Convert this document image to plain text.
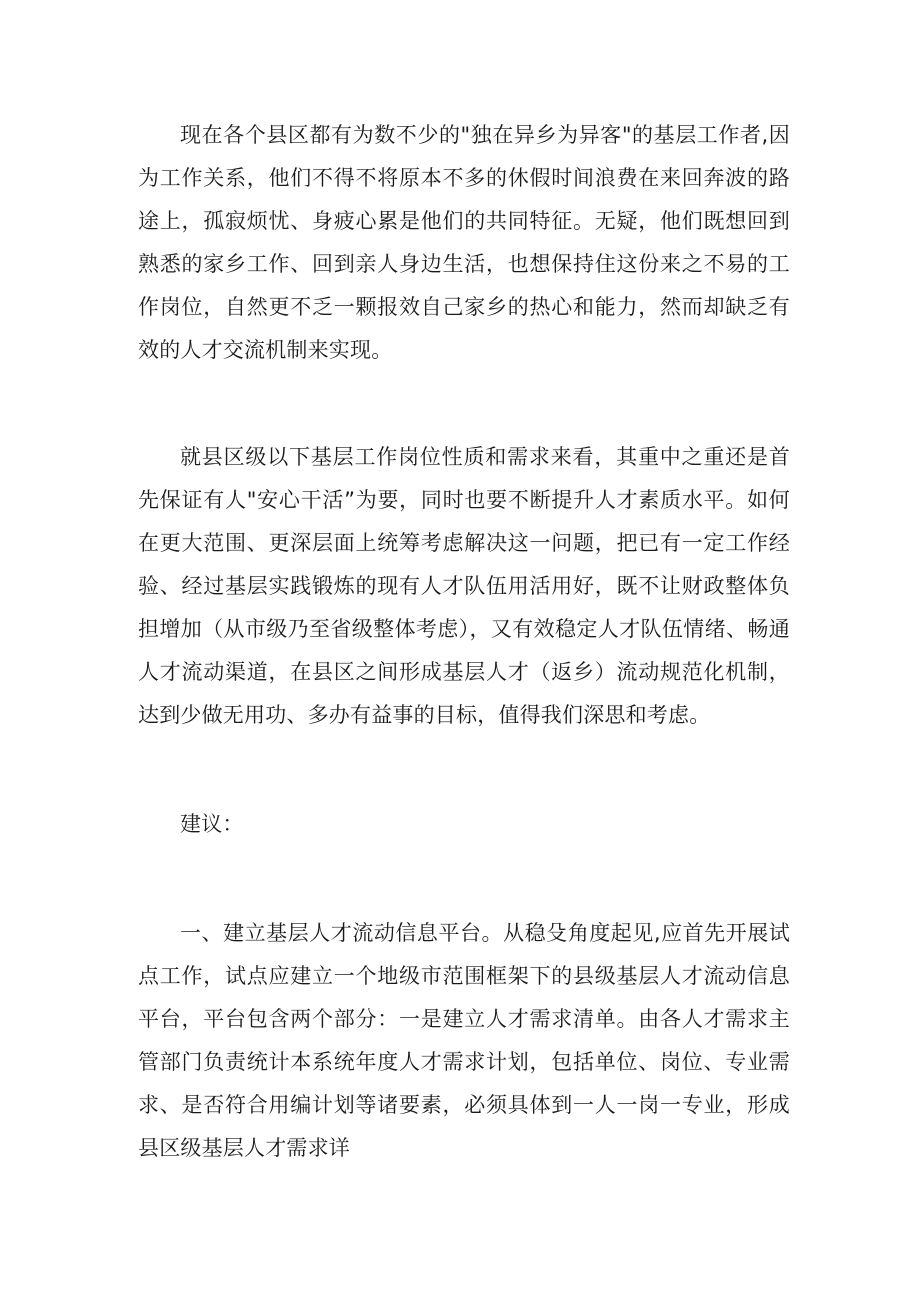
现在各个县区都有为数不少的"独在异乡为异客"的基层工作者,因为工作关系，他们不得不将原本不多的休假时间浪费在来回奔波的路途上，孤寂烦忧、身疲心累是他们的共同特征。无疑，他们既想回到熟悉的家乡工作、回到亲人身边生活，也想保持住这份来之不易的工作岗位，自然更不乏一颗报效自己家乡的热心和能力，然而却缺乏有效的人才交流机制来实现。

就县区级以下基层工作岗位性质和需求来看，其重中之重还是首先保证有人"安心干活”为要，同时也要不断提升人才素质水平。如何在更大范围、更深层面上统筹考虑解决这一问题，把已有一定工作经验、经过基层实践锻炼的现有人才队伍用活用好，既不让财政整体负担增加（从市级乃至省级整体考虑），又有效稳定人才队伍情绪、畅通人才流动渠道，在县区之间形成基层人才（返乡）流动规范化机制，达到少做无用功、多办有益事的目标，值得我们深思和考虑。

建议：

一、建立基层人才流动信息平台。从稳殳角度起见,应首先开展试点工作，试点应建立一个地级市范围框架下的县级基层人才流动信息平台，平台包含两个部分：一是建立人才需求清单。由各人才需求主管部门负责统计本系统年度人才需求计划，包括单位、岗位、专业需求、是否符合用编计划等诸要素，必须具体到一人一岗一专业，形成县区级基层人才需求详
